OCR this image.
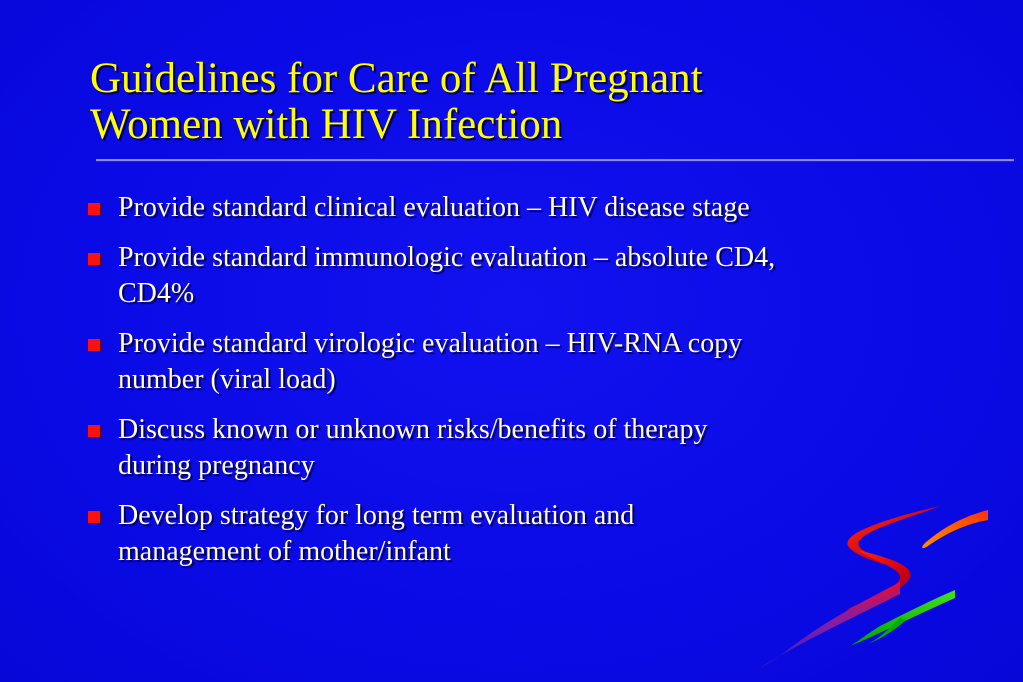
Guidelines for Care of All Pregnant
Women with HIV Infection
Provide standard clinical evaluation – HIV disease stage
Provide standard immunologic evaluation – absolute CD4,
CD4%
Provide standard virologic evaluation – HIV-RNA copy
number (viral load)
Discuss known or unknown risks/benefits of therapy
during pregnancy
Develop strategy for long term evaluation and
management of mother/infant
